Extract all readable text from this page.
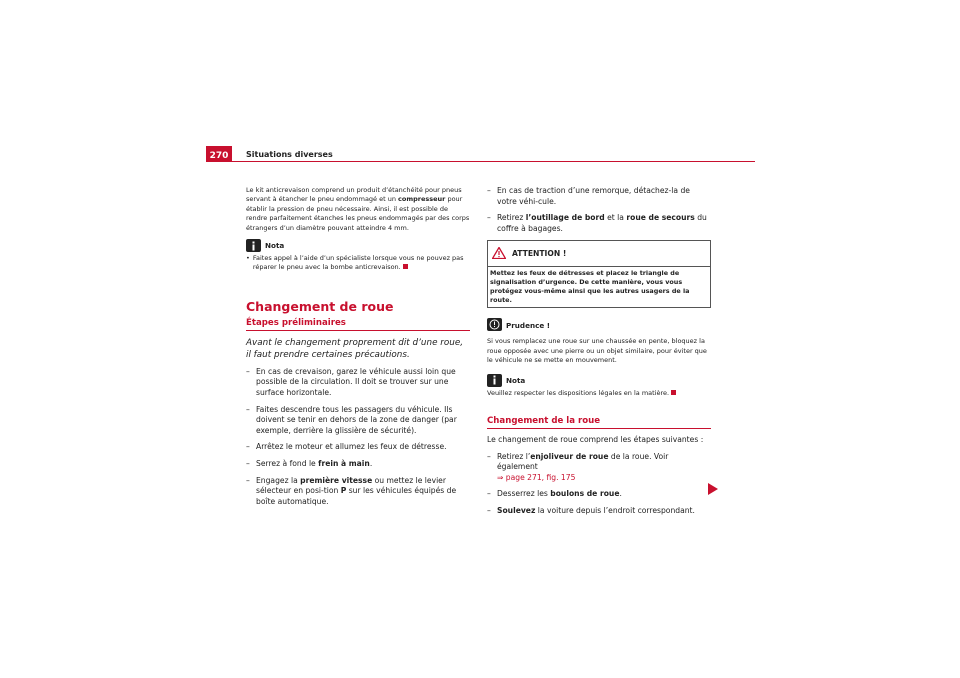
270	Situations diverses

Le kit anticrevaison comprend un produit d’étanchéité pour pneus servant à étancher le pneu endommagé et un compresseur pour établir la pression de pneu nécessaire. Ainsi, il est possible de rendre parfaitement étanches les pneus endommagés par des corps étrangers d’un diamètre pouvant atteindre 4 mm.

Nota

• Faites appel à l’aide d’un spécialiste lorsque vous ne pouvez pas réparer le pneu avec la bombe anticrevaison.

Changement de roue
Étapes préliminaires

Avant le changement proprement dit d’une roue, il faut prendre certaines précautions.

– En cas de crevaison, garez le véhicule aussi loin que possible de la circulation. Il doit se trouver sur une surface horizontale.
– Faites descendre tous les passagers du véhicule. Ils doivent se tenir en dehors de la zone de danger (par exemple, derrière la glissière de sécurité).
– Arrêtez le moteur et allumez les feux de détresse.
– Serrez à fond le frein à main.
– Engagez la première vitesse ou mettez le levier sélecteur en posi-tion P sur les véhicules équipés de boîte automatique.
– En cas de traction d’une remorque, détachez-la de votre véhi-cule.
– Retirez l’outillage de bord et la roue de secours du coffre à bagages.
ATTENTION !

Mettez les feux de détresses et placez le triangle de signalisation d’urgence. De cette manière, vous vous protégez vous-même ainsi que les autres usagers de la route.

Prudence !

Si vous remplacez une roue sur une chaussée en pente, bloquez la roue opposée avec une pierre ou un objet similaire, pour éviter que le véhicule ne se mette en mouvement.

Nota

Veuillez respecter les dispositions légales en la matière.

Changement de la roue

Le changement de roue comprend les étapes suivantes :

– Retirez l’enjoliveur de roue de la roue. Voir également
⇒ page 271, fig. 175
– Desserrez les boulons de roue.
– Soulevez la voiture depuis l’endroit correspondant.
